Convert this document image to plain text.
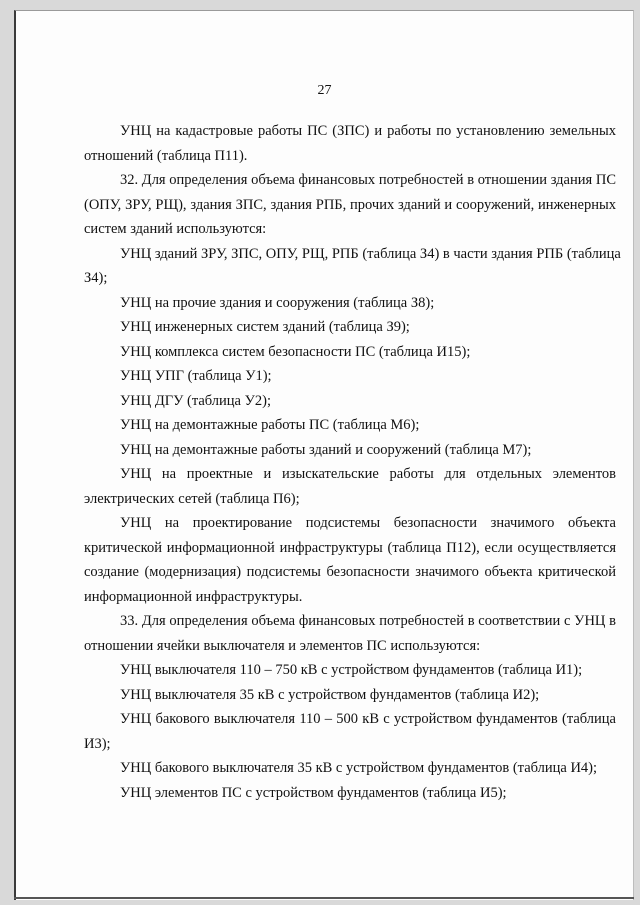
27
УНЦ на кадастровые работы ПС (ЗПС) и работы по установлению земельных
отношений (таблица П11).
32. Для определения объема финансовых потребностей в отношении здания ПС
(ОПУ, ЗРУ, РЩ), здания ЗПС, здания РПБ, прочих зданий и сооружений, инженерных
систем зданий используются:
УНЦ зданий ЗРУ, ЗПС, ОПУ, РЩ, РПБ (таблица З4) в части здания РПБ (таблица
З4);
УНЦ на прочие здания и сооружения (таблица З8);
УНЦ инженерных систем зданий (таблица З9);
УНЦ комплекса систем безопасности ПС (таблица И15);
УНЦ УПГ (таблица У1);
УНЦ ДГУ (таблица У2);
УНЦ на демонтажные работы ПС (таблица М6);
УНЦ на демонтажные работы зданий и сооружений (таблица М7);
УНЦ на проектные и изыскательские работы для отдельных элементов
электрических сетей (таблица П6);
УНЦ на проектирование подсистемы безопасности значимого объекта
критической информационной инфраструктуры (таблица П12), если осуществляется
создание (модернизация) подсистемы безопасности значимого объекта критической
информационной инфраструктуры.
33. Для определения объема финансовых потребностей в соответствии с УНЦ в
отношении ячейки выключателя и элементов ПС используются:
УНЦ выключателя 110 – 750 кВ с устройством фундаментов (таблица И1);
УНЦ выключателя 35 кВ с устройством фундаментов (таблица И2);
УНЦ бакового выключателя 110 – 500 кВ с устройством фундаментов (таблица
И3);
УНЦ бакового выключателя 35 кВ с устройством фундаментов (таблица И4);
УНЦ элементов ПС с устройством фундаментов (таблица И5);
